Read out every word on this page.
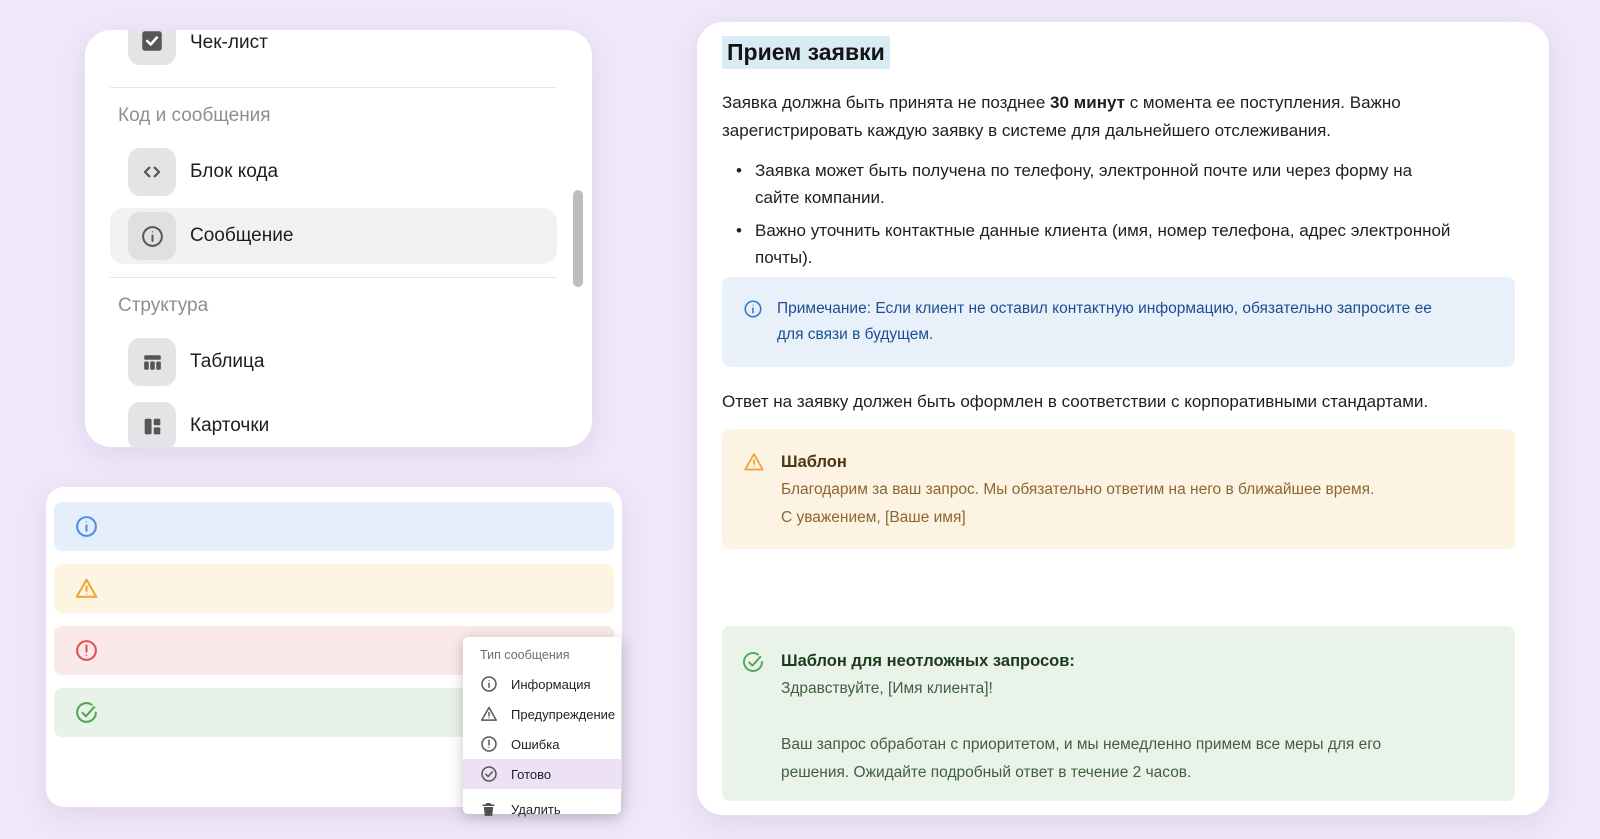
Чек-лист
Код и сообщения
Блок кода
Сообщение
Структура
Таблица
Карточки
Тип сообщения
Информация
Предупреждение
Ошибка
Готово
Удалить
Прием заявки

Заявка должна быть принята не позднее 30 минут с момента ее поступления. Важно зарегистрировать каждую заявку в системе для дальнейшего отслеживания.

• Заявка может быть получена по телефону, электронной почте или через форму на сайте компании.
• Важно уточнить контактные данные клиента (имя, номер телефона, адрес электронной почты).
Примечание: Если клиент не оставил контактную информацию, обязательно запросите ее для связи в будущем.

Ответ на заявку должен быть оформлен в соответствии с корпоративными стандартами.

Шаблон
Благодарим за ваш запрос. Мы обязательно ответим на него в ближайшее время.
С уважением, [Ваше имя]
Шаблон для неотложных запросов:
Здравствуйте, [Имя клиента]!
Ваш запрос обработан с приоритетом, и мы немедленно примем все меры для его решения. Ожидайте подробный ответ в течение 2 часов.
